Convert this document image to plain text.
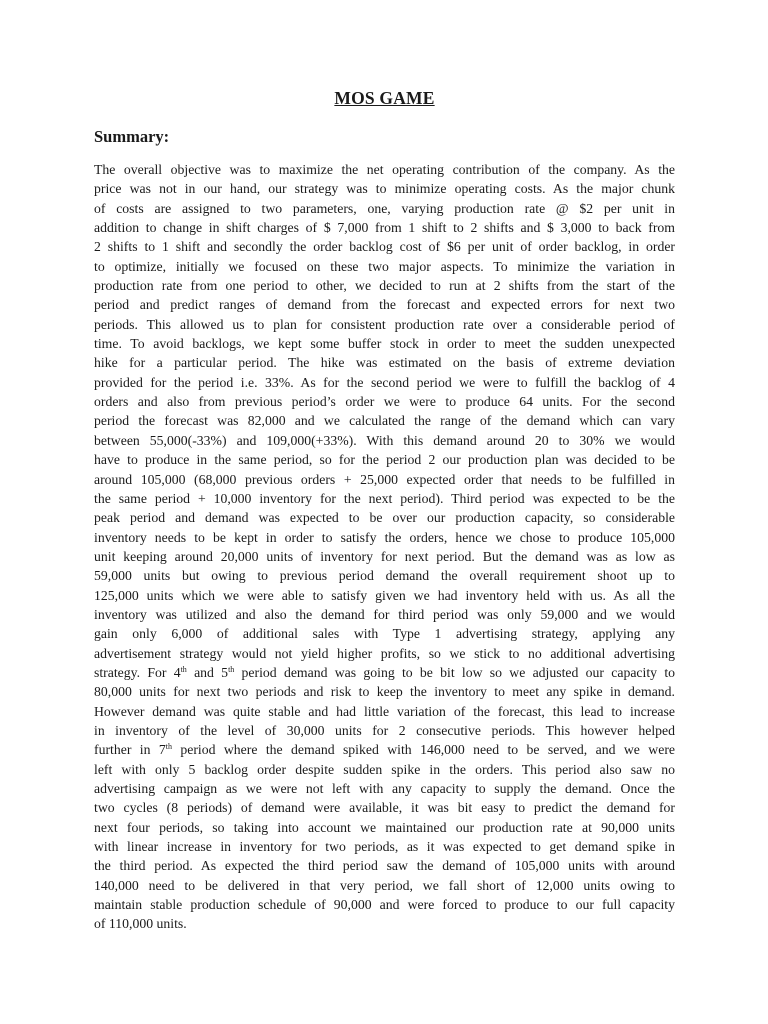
MOS GAME
Summary:
The overall objective was to maximize the net operating contribution of the company. As the
price was not in our hand, our strategy was to minimize operating costs. As the major chunk
of costs are assigned to two parameters, one, varying production rate @ $2 per unit in
addition to change in shift charges of $ 7,000 from 1 shift to 2 shifts and $ 3,000 to back from
2 shifts to 1 shift and secondly the order backlog cost of $6 per unit of order backlog, in order
to optimize, initially we focused on these two major aspects. To minimize the variation in
production rate from one period to other, we decided to run at 2 shifts from the start of the
period and predict ranges of demand from the forecast and expected errors for next two
periods. This allowed us to plan for consistent production rate over a considerable period of
time. To avoid backlogs, we kept some buffer stock in order to meet the sudden unexpected
hike for a particular period. The hike was estimated on the basis of extreme deviation
provided for the period i.e. 33%. As for the second period we were to fulfill the backlog of 4
orders and also from previous period’s order we were to produce 64 units. For the second
period the forecast was 82,000 and we calculated the range of the demand which can vary
between 55,000(-33%) and 109,000(+33%). With this demand around 20 to 30% we would
have to produce in the same period, so for the period 2 our production plan was decided to be
around 105,000 (68,000 previous orders + 25,000 expected order that needs to be fulfilled in
the same period + 10,000 inventory for the next period). Third period was expected to be the
peak period and demand was expected to be over our production capacity, so considerable
inventory needs to be kept in order to satisfy the orders, hence we chose to produce 105,000
unit keeping around 20,000 units of inventory for next period. But the demand was as low as
59,000 units but owing to previous period demand the overall requirement shoot up to
125,000 units which we were able to satisfy given we had inventory held with us. As all the
inventory was utilized and also the demand for third period was only 59,000 and we would
gain only 6,000 of additional sales with Type 1 advertising strategy, applying any
advertisement strategy would not yield higher profits, so we stick to no additional advertising
strategy. For 4th and 5th period demand was going to be bit low so we adjusted our capacity to
80,000 units for next two periods and risk to keep the inventory to meet any spike in demand.
However demand was quite stable and had little variation of the forecast, this lead to increase
in inventory of the level of 30,000 units for 2 consecutive periods. This however helped
further in 7th period where the demand spiked with 146,000 need to be served, and we were
left with only 5 backlog order despite sudden spike in the orders. This period also saw no
advertising campaign as we were not left with any capacity to supply the demand. Once the
two cycles (8 periods) of demand were available, it was bit easy to predict the demand for
next four periods, so taking into account we maintained our production rate at 90,000 units
with linear increase in inventory for two periods, as it was expected to get demand spike in
the third period. As expected the third period saw the demand of 105,000 units with around
140,000 need to be delivered in that very period, we fall short of 12,000 units owing to
maintain stable production schedule of 90,000 and were forced to produce to our full capacity
of 110,000 units.
